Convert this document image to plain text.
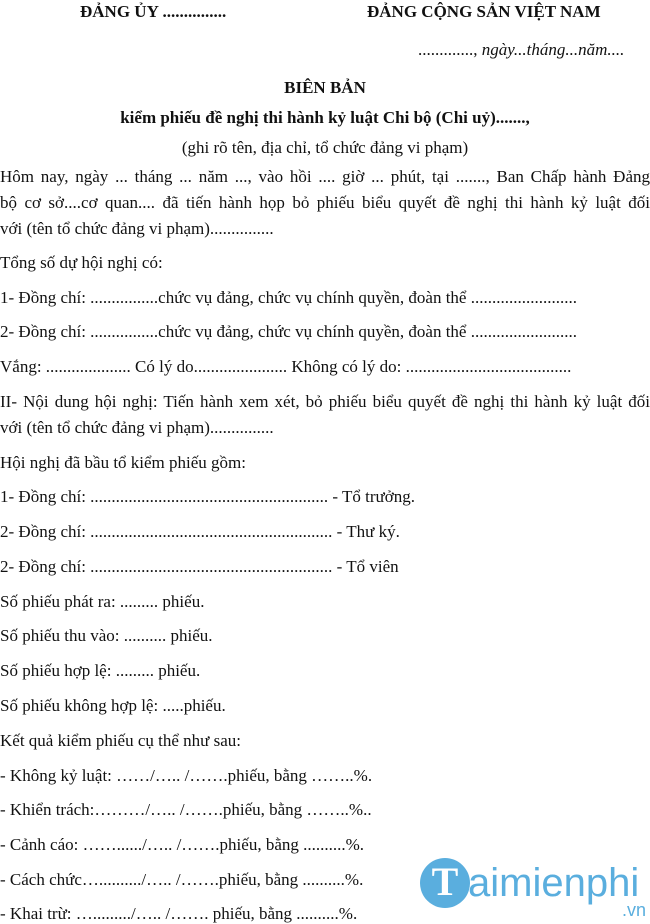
ĐẢNG ỦY ...............	ĐẢNG CỘNG SẢN VIỆT NAM
............., ngày...tháng...năm....
BIÊN BẢN
kiểm phiếu đề nghị thi hành kỷ luật Chi bộ (Chi uỷ).......,
(ghi rõ tên, địa chỉ, tổ chức đảng vi phạm)
Hôm nay, ngày ... tháng ... năm ..., vào hồi .... giờ ... phút, tại ......., Ban Chấp hành Đảng
bộ cơ sở....cơ quan.... đã tiến hành họp bỏ phiếu biểu quyết đề nghị thi hành kỷ luật đối
với (tên tổ chức đảng vi phạm)...............
Tổng số dự hội nghị có:
1- Đồng chí: ................chức vụ đảng, chức vụ chính quyền, đoàn thể .........................
2- Đồng chí: ................chức vụ đảng, chức vụ chính quyền, đoàn thể .........................
Vắng: .................... Có lý do...................... Không có lý do: .......................................
II- Nội dung hội nghị: Tiến hành xem xét, bỏ phiếu biểu quyết đề nghị thi hành kỷ luật đối
với (tên tổ chức đảng vi phạm)...............
Hội nghị đã bầu tổ kiểm phiếu gồm:
1- Đồng chí: ........................................................ - Tổ trưởng.
2- Đồng chí: ......................................................... - Thư ký.
2- Đồng chí: ......................................................... - Tổ viên
Số phiếu phát ra: ......... phiếu.
Số phiếu thu vào: .......... phiếu.
Số phiếu hợp lệ: ......... phiếu.
Số phiếu không hợp lệ: .....phiếu.
Kết quả kiểm phiếu cụ thể như sau:
- Không kỷ luật: ……/….. /…….phiếu, bằng ……..%.
- Khiển trách:………/….. /…….phiếu, bằng ……..%..
- Cảnh cáo: ……....../….. /…….phiếu, bằng ..........%.
- Cách chức…........../….. /…….phiếu, bằng ..........%.
- Khai trừ: …........./….. /……. phiếu, bằng ..........%.
T aimienphi
.vn
